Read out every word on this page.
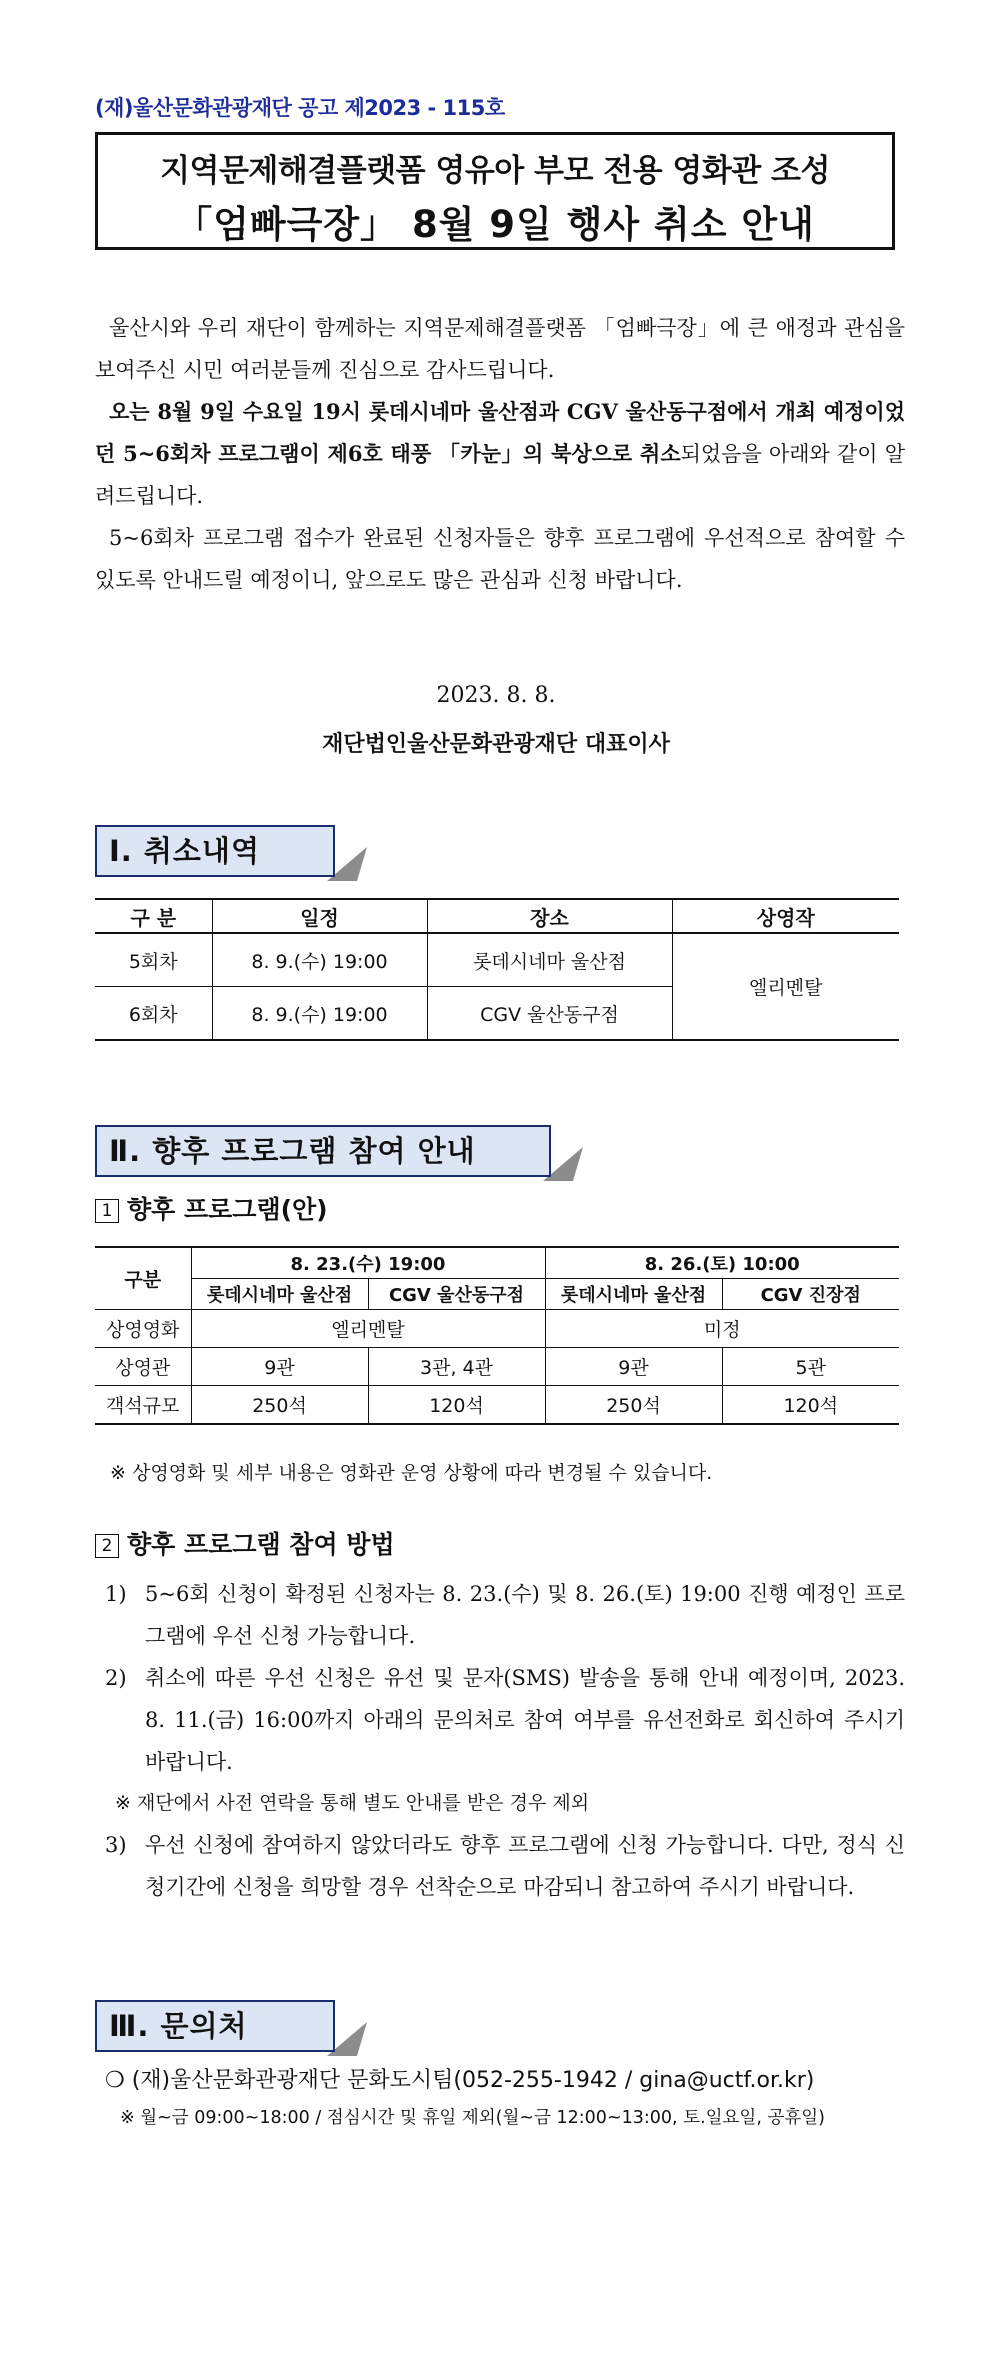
(재)울산문화관광재단 공고 제2023 - 115호
지역문제해결플랫폼 영유아 부모 전용 영화관 조성
「엄빠극장」 8월 9일 행사 취소 안내
울산시와 우리 재단이 함께하는 지역문제해결플랫폼 「엄빠극장」에 큰 애정과 관심을 보여주신 시민 여러분들께 진심으로 감사드립니다.
오는 8월 9일 수요일 19시 롯데시네마 울산점과 CGV 울산동구점에서 개최 예정이었던 5~6회차 프로그램이 제6호 태풍 「카눈」의 북상으로 취소되었음을 아래와 같이 알려드립니다.
5~6회차 프로그램 접수가 완료된 신청자들은 향후 프로그램에 우선적으로 참여할 수 있도록 안내드릴 예정이니, 앞으로도 많은 관심과 신청 바랍니다.
2023. 8. 8.
재단법인울산문화관광재단 대표이사
Ⅰ. 취소내역
구 분	일정	장소	상영작
5회차	8. 9.(수) 19:00	롯데시네마 울산점	엘리멘탈
6회차	8. 9.(수) 19:00	CGV 울산동구점	
Ⅱ. 향후 프로그램 참여 안내
1 향후 프로그램(안)
구분	8. 23.(수) 19:00		8. 26.(토) 10:00	
	롯데시네마 울산점	CGV 울산동구점	롯데시네마 울산점	CGV 진장점
상영영화	엘리멘탈		미정	
상영관	9관	3관, 4관	9관	5관
객석규모	250석	120석	250석	120석
※ 상영영화 및 세부 내용은 영화관 운영 상황에 따라 변경될 수 있습니다.
2 향후 프로그램 참여 방법
1) 5~6회 신청이 확정된 신청자는 8. 23.(수) 및 8. 26.(토) 19:00 진행 예정인 프로그램에 우선 신청 가능합니다.
2) 취소에 따른 우선 신청은 유선 및 문자(SMS) 발송을 통해 안내 예정이며, 2023. 8. 11.(금) 16:00까지 아래의 문의처로 참여 여부를 유선전화로 회신하여 주시기 바랍니다.
※ 재단에서 사전 연락을 통해 별도 안내를 받은 경우 제외
3) 우선 신청에 참여하지 않았더라도 향후 프로그램에 신청 가능합니다. 다만, 정식 신청기간에 신청을 희망할 경우 선착순으로 마감되니 참고하여 주시기 바랍니다.
Ⅲ. 문의처
❍ (재)울산문화관광재단 문화도시팀(052-255-1942 / gina@uctf.or.kr)
※ 월~금 09:00~18:00 / 점심시간 및 휴일 제외(월~금 12:00~13:00, 토.일요일, 공휴일)
